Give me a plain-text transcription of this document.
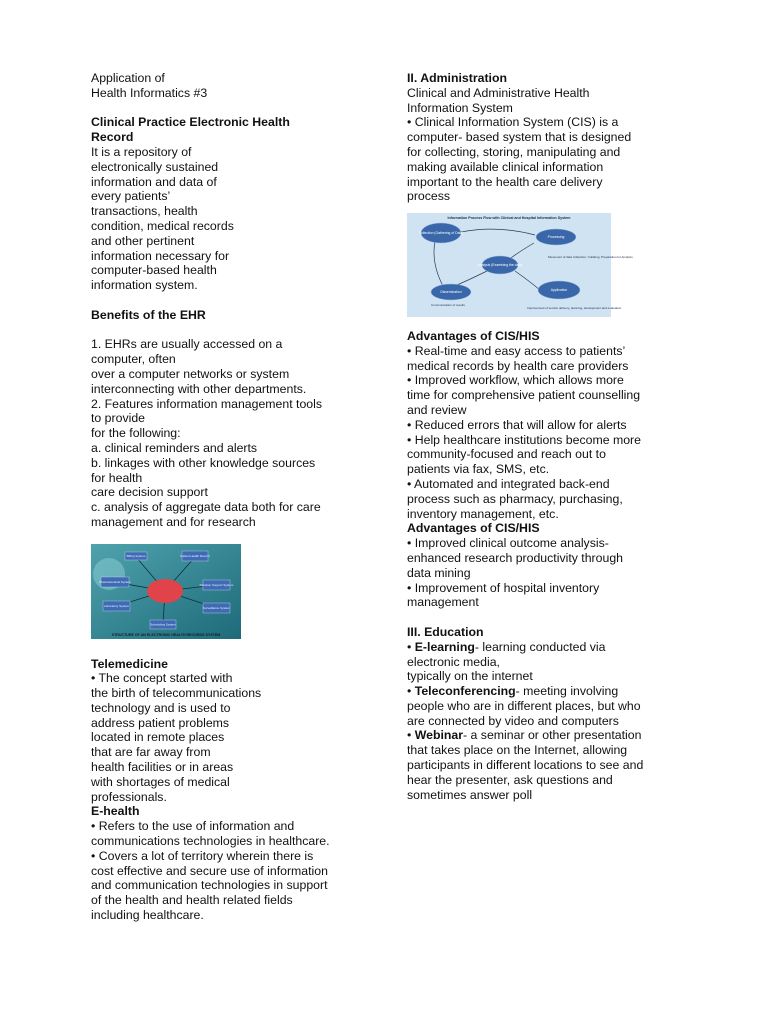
Application of
Health Informatics #3
Clinical Practice Electronic Health
Record
It is a repository of
electronically sustained
information and data of
every patients’
transactions, health
condition, medical records
and other pertinent
information necessary for
computer-based health
information system.
Benefits of the EHR
1. EHRs are usually accessed on a
computer, often
over a computer networks or system
interconnecting with other departments.
2. Features information management tools
to provide
for the following:
a. clinical reminders and alerts
b. linkages with other knowledge sources
for health
care decision support
c. analysis of aggregate data both for care
management and for research
Billing System	Patient Health Record
Pharmaceutical System
Decision Support System
Laboratory System	Surveillance System
Scheduling System
STRUCTURE OF AN ELECTRONIC HEALTH RECORDS SYSTEM
Telemedicine
• The concept started with
the birth of telecommunications
technology and is used to
address patient problems
located in remote places
that are far away from
health facilities or in areas
with shortages of medical
professionals.
E-health
• Refers to the use of information and
communications technologies in healthcare.
• Covers a lot of territory wherein there is
cost effective and secure use of information
and communication technologies in support
of the health and health related fields
including healthcare.
II. Administration
Clinical and Administrative Health
Information System
• Clinical Information System (CIS) is a
computer- based system that is designed
for collecting, storing, manipulating and
making available clinical information
important to the health care delivery
process
Information Process Flow with Clinical and Hospital Information System
Collection (Gathering of Data)
Processing
Analysis (Examining the data)
Dissemination	Application
Movement of data Collection, Collating, Preparation for Analysis
Communication of results
Improvement of service delivery, planning, development and evaluation
Advantages of CIS/HIS
• Real-time and easy access to patients’
medical records by health care providers
• Improved workflow, which allows more
time for comprehensive patient counselling
and review
• Reduced errors that will allow for alerts
• Help healthcare institutions become more
community-focused and reach out to
patients via fax, SMS, etc.
• Automated and integrated back-end
process such as pharmacy, purchasing,
inventory management, etc.
Advantages of CIS/HIS
• Improved clinical outcome analysis-
enhanced research productivity through
data mining
• Improvement of hospital inventory
management
III. Education
• E-learning- learning conducted via
electronic media,
typically on the internet
• Teleconferencing- meeting involving
people who are in different places, but who
are connected by video and computers
• Webinar- a seminar or other presentation
that takes place on the Internet, allowing
participants in different locations to see and
hear the presenter, ask questions and
sometimes answer poll
